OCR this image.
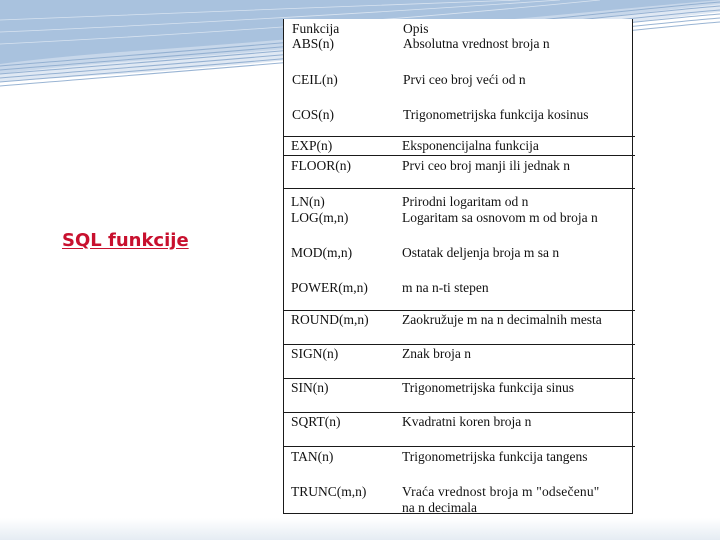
SQL funkcije
Funkcija	Opis
ABS(n)	Absolutna vrednost broja n
CEIL(n)	Prvi ceo broj veći od n
COS(n)	Trigonometrijska funkcija kosinus
EXP(n)	Eksponencijalna funkcija
FLOOR(n)	Prvi ceo broj manji ili jednak n
LN(n)	Prirodni logaritam od n
LOG(m,n)	Logaritam sa osnovom m od broja n
MOD(m,n)	Ostatak deljenja broja m sa n
POWER(m,n)	m na n-ti stepen
ROUND(m,n) Zaokružuje m na n decimalnih mesta
SIGN(n)	Znak broja n
SIN(n)	Trigonometrijska funkcija sinus
SQRT(n)	Kvadratni koren broja n
TAN(n)	Trigonometrijska funkcija tangens
TRUNC(m,n)	Vraća vrednost broja m "odsečenu"
na n decimala
